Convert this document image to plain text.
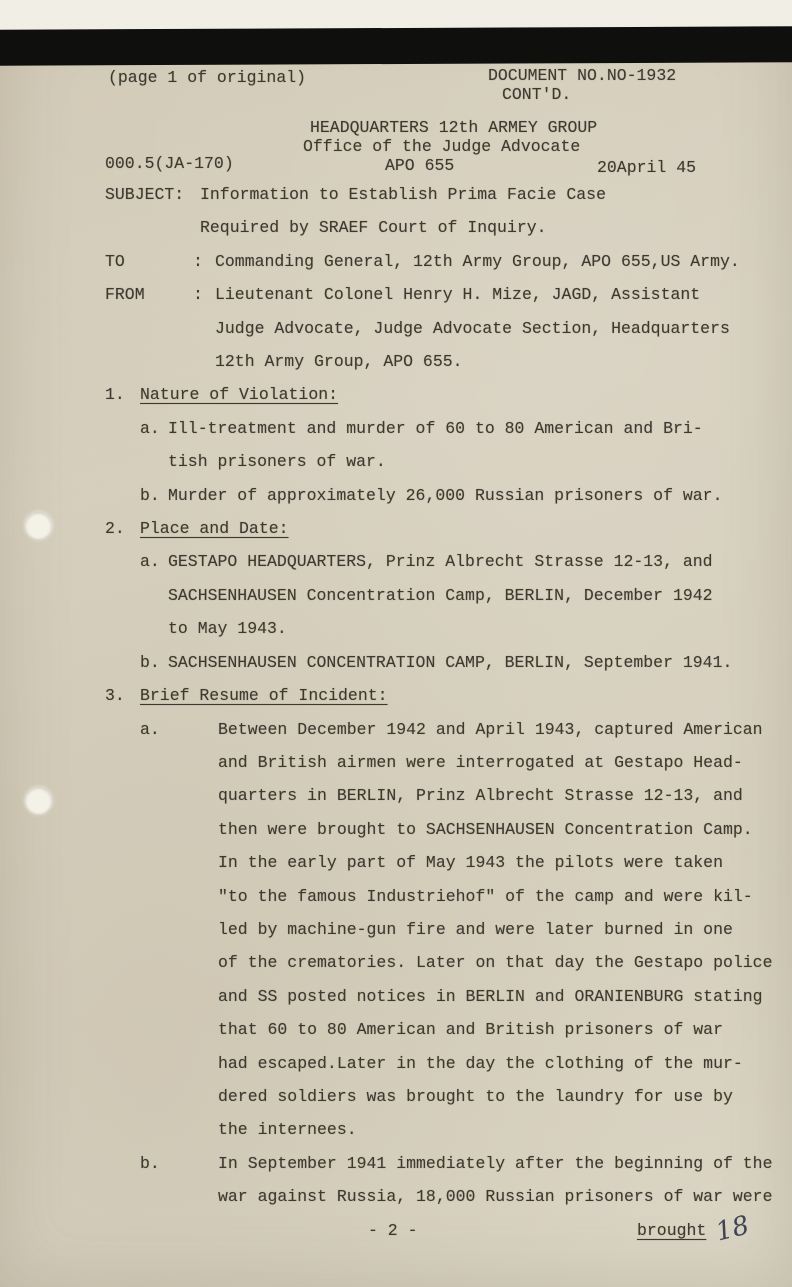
(page 1 of original)	DOCUMENT NO.NO-1932
CONT'D.
HEADQUARTERS 12th ARMEY GROUP
Office of the Judge Advocate
APO 655
000.5(JA-170)	20April 45
SUBJECT: Information to Establish Prima Facie Case
Required by SRAEF Court of Inquiry.
TO	: Commanding General, 12th Army Group, APO 655,US Army.
FROM	: Lieutenant Colonel Henry H. Mize, JAGD, Assistant
Judge Advocate, Judge Advocate Section, Headquarters
12th Army Group, APO 655.
1. Nature of Violation:
a. Ill-treatment and murder of 60 to 80 American and Bri-
tish prisoners of war.
b. Murder of approximately 26,000 Russian prisoners of war.
2. Place and Date:
a. GESTAPO HEADQUARTERS, Prinz Albrecht Strasse 12-13, and
SACHSENHAUSEN Concentration Camp, BERLIN, December 1942
to May 1943.
b. SACHSENHAUSEN CONCENTRATION CAMP, BERLIN, September 1941.
3. Brief Resume of Incident:
a.	Between December 1942 and April 1943, captured American
and British airmen were interrogated at Gestapo Head-
quarters in BERLIN, Prinz Albrecht Strasse 12-13, and
then were brought to SACHSENHAUSEN Concentration Camp.
In the early part of May 1943 the pilots were taken
"to the famous Industriehof" of the camp and were kil-
led by machine-gun fire and were later burned in one
of the crematories. Later on that day the Gestapo police
and SS posted notices in BERLIN and ORANIENBURG stating
that 60 to 80 American and British prisoners of war
had escaped.Later in the day the clothing of the mur-
dered soldiers was brought to the laundry for use by
the internees.
b.	In September 1941 immediately after the beginning of the
war against Russia, 18,000 Russian prisoners of war were
- 2 -	brought 18
